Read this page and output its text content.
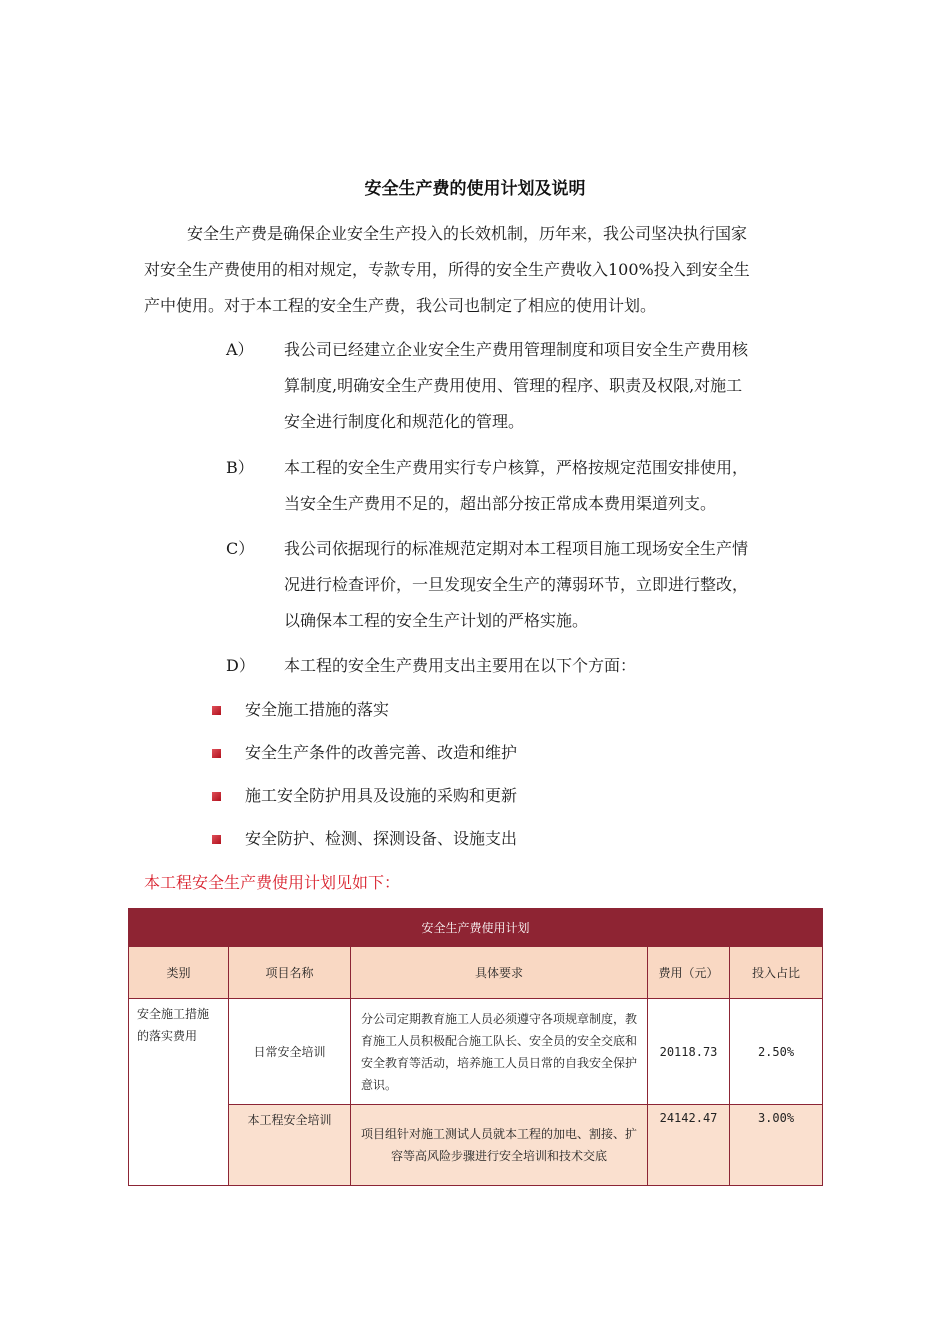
安全生产费的使用计划及说明

安全生产费是确保企业安全生产投入的长效机制，历年来，我公司坚决执行国家
对安全生产费使用的相对规定，专款专用，所得的安全生产费收入100%投入到安全生
产中使用。对于本工程的安全生产费，我公司也制定了相应的使用计划。

A）	我公司已经建立企业安全生产费用管理制度和项目安全生产费用核
算制度,明确安全生产费用使用、管理的程序、职责及权限,对施工
安全进行制度化和规范化的管理。
B）	本工程的安全生产费用实行专户核算，严格按规定范围安排使用，
当安全生产费用不足的，超出部分按正常成本费用渠道列支。
C）	我公司依据现行的标准规范定期对本工程项目施工现场安全生产情
况进行检查评价，一旦发现安全生产的薄弱环节，立即进行整改，
以确保本工程的安全生产计划的严格实施。
D）	本工程的安全生产费用支出主要用在以下个方面：
安全施工措施的落实
安全生产条件的改善完善、改造和维护
施工安全防护用具及设施的采购和更新
安全防护、检测、探测设备、设施支出
本工程安全生产费使用计划见如下：
安全生产费使用计划				
类别	项目名称	具体要求	费用（元）	投入占比
安全施工措施的落实费用	日常安全培训	分公司定期教育施工人员必须遵守各项规章制度，教育施工人员积极配合施工队长、安全员的安全交底和安全教育等活动，培养施工人员日常的自我安全保护意识。	20118.73	2.50%
	本工程安全培训	项目组针对施工测试人员就本工程的加电、割接、扩容等高风险步骤进行安全培训和技术交底	24142.47	3.00%
